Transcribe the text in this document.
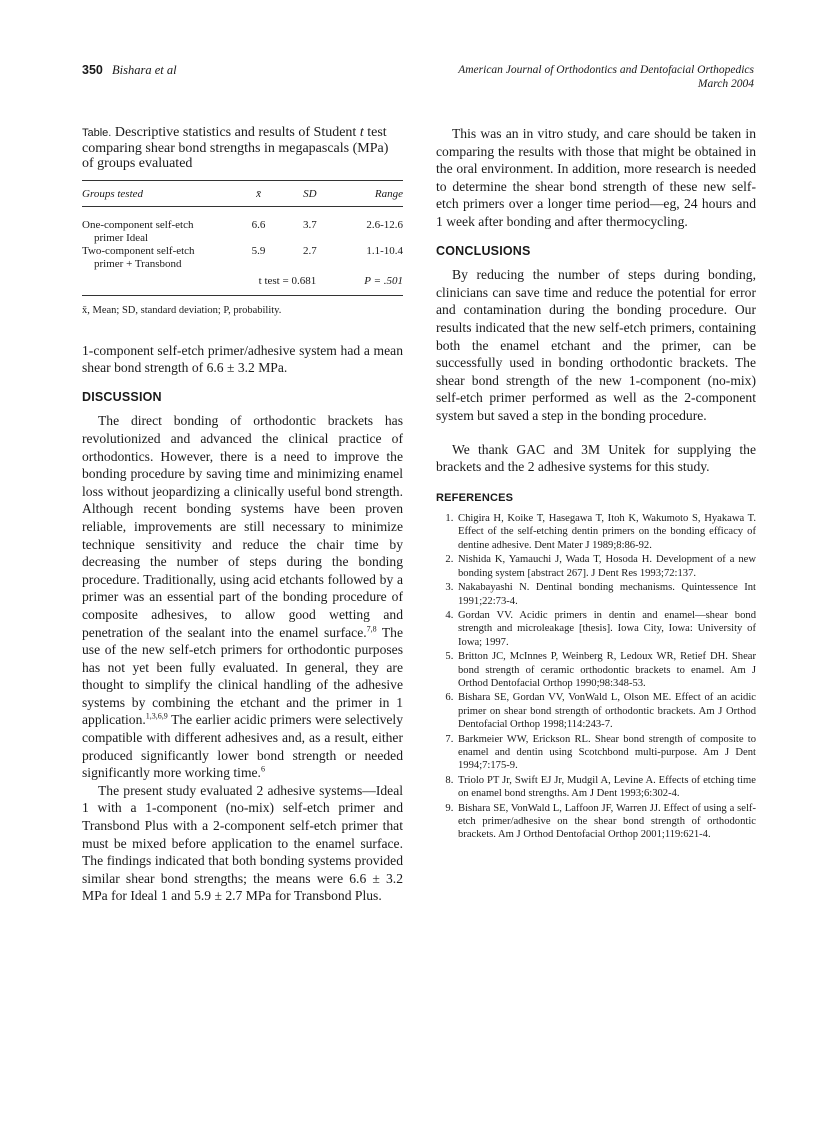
350 Bishara et al	American Journal of Orthodontics and Dentofacial Orthopedics
March 2004
Table. Descriptive statistics and results of Student t test comparing shear bond strengths in megapascals (MPa) of groups evaluated
Groups tested	x̄	SD	Range
One-component self-etch
primer Ideal	6.6	3.7	2.6-12.6
Two-component self-etch
primer + Transbond	5.9	2.7	1.1-10.4
	t test = 0.681		P = .501
x̄, Mean; SD, standard deviation; P, probability.

1-component self-etch primer/adhesive system had a mean shear bond strength of 6.6 ± 3.2 MPa.

DISCUSSION

The direct bonding of orthodontic brackets has revolutionized and advanced the clinical practice of orthodontics. However, there is a need to improve the bonding procedure by saving time and minimizing enamel loss without jeopardizing a clinically useful bond strength. Although recent bonding systems have been proven reliable, improvements are still necessary to minimize technique sensitivity and reduce the chair time by decreasing the number of steps during the bonding procedure. Traditionally, using acid etchants followed by a primer was an essential part of the bonding procedure of composite adhesives, to allow good wetting and penetration of the sealant into the enamel surface.$^{7,8}$ The use of the new self-etch primers for orthodontic purposes has not yet been fully evaluated. In general, they are thought to simplify the clinical handling of the adhesive systems by combining the etchant and the primer in 1 application.$^{1,3,6,9}$ The earlier acidic primers were selectively compatible with different adhesives and, as a result, either produced significantly lower bond strength or needed significantly more working time.$^6$

The present study evaluated 2 adhesive systems—Ideal 1 with a 1-component (no-mix) self-etch primer and Transbond Plus with a 2-component self-etch primer that must be mixed before application to the enamel surface. The findings indicated that both bonding systems provided similar shear bond strengths; the means were 6.6 ± 3.2 MPa for Ideal 1 and 5.9 ± 2.7 MPa for Transbond Plus.

This was an in vitro study, and care should be taken in comparing the results with those that might be obtained in the oral environment. In addition, more research is needed to determine the shear bond strength of these new self-etch primers over a longer time period—eg, 24 hours and 1 week after bonding and after thermocycling.

CONCLUSIONS

By reducing the number of steps during bonding, clinicians can save time and reduce the potential for error and contamination during the bonding procedure. Our results indicated that the new self-etch primers, containing both the enamel etchant and the primer, can be successfully used in bonding orthodontic brackets. The shear bond strength of the new 1-component (no-mix) self-etch primer performed as well as the 2-component system but saved a step in the bonding procedure.

We thank GAC and 3M Unitek for supplying the brackets and the 2 adhesive systems for this study.

REFERENCES
1. Chigira H, Koike T, Hasegawa T, Itoh K, Wakumoto S, Hyakawa T. Effect of the self-etching dentin primers on the bonding efficacy of dentine adhesive. Dent Mater J 1989;8:86-92.
2. Nishida K, Yamauchi J, Wada T, Hosoda H. Development of a new bonding system [abstract 267]. J Dent Res 1993;72:137.
3. Nakabayashi N. Dentinal bonding mechanisms. Quintessence Int 1991;22:73-4.
4. Gordan VV. Acidic primers in dentin and enamel—shear bond strength and microleakage [thesis]. Iowa City, Iowa: University of Iowa; 1997.
5. Britton JC, McInnes P, Weinberg R, Ledoux WR, Retief DH. Shear bond strength of ceramic orthodontic brackets to enamel. Am J Orthod Dentofacial Orthop 1990;98:348-53.
6. Bishara SE, Gordan VV, VonWald L, Olson ME. Effect of an acidic primer on shear bond strength of orthodontic brackets. Am J Orthod Dentofacial Orthop 1998;114:243-7.
7. Barkmeier WW, Erickson RL. Shear bond strength of composite to enamel and dentin using Scotchbond multi-purpose. Am J Dent 1994;7:175-9.
8. Triolo PT Jr, Swift EJ Jr, Mudgil A, Levine A. Effects of etching time on enamel bond strengths. Am J Dent 1993;6:302-4.
9. Bishara SE, VonWald L, Laffoon JF, Warren JJ. Effect of using a self-etch primer/adhesive on the shear bond strength of orthodontic brackets. Am J Orthod Dentofacial Orthop 2001;119:621-4.
